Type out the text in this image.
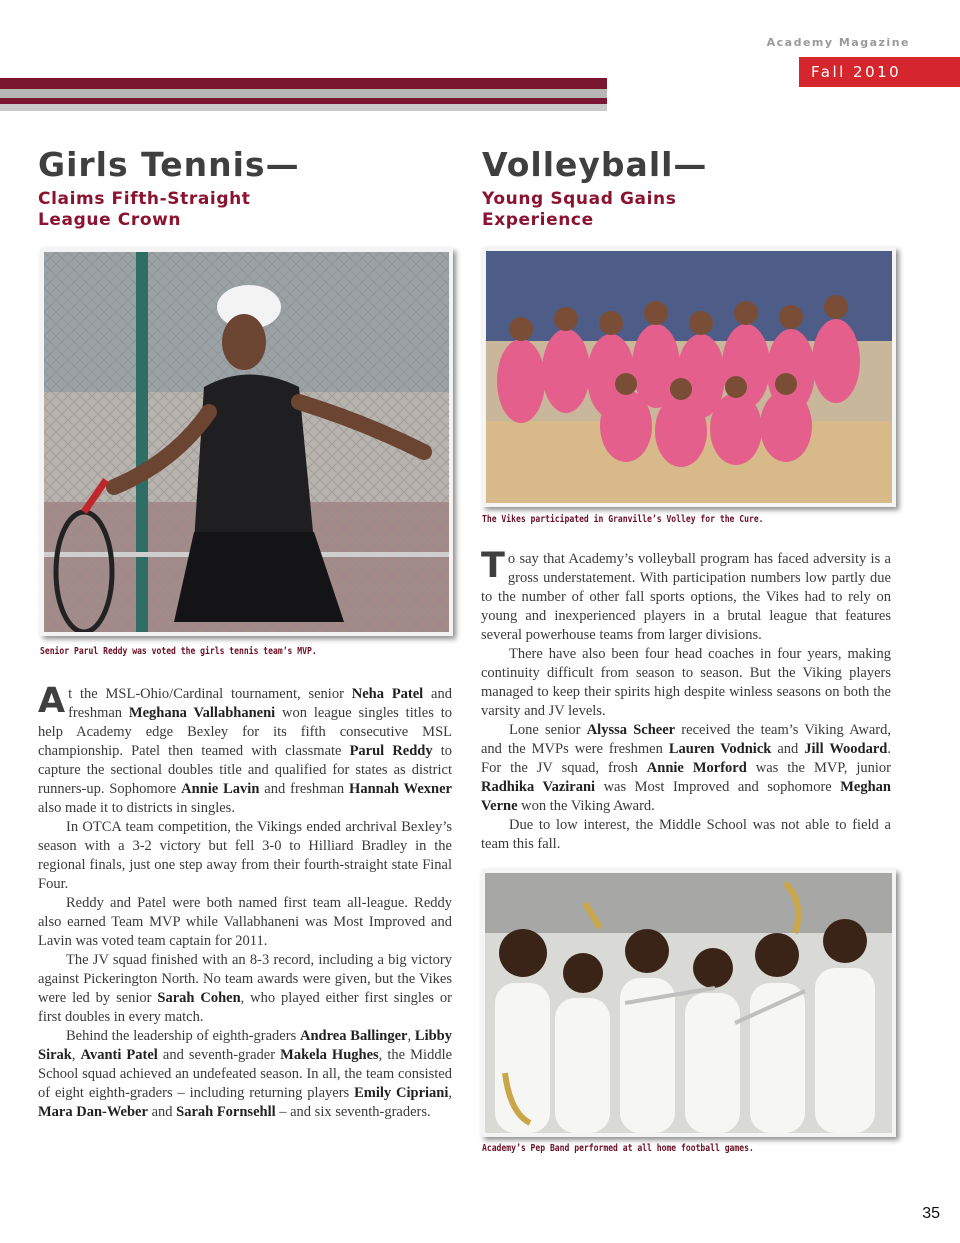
Academy Magazine
Fall 2010
Girls Tennis—
Claims Fifth-Straight
League Crown
Volleyball—
Young Squad Gains
Experience
Senior Parul Reddy was voted the girls tennis team’s MVP.
The Vikes participated in Granville’s Volley for the Cure.
A t the MSL-Ohio/Cardinal tournament, senior Neha Patel and freshman Meghana Vallabhaneni won league singles titles to help Academy edge Bexley for its fifth consecutive MSL championship. Patel then teamed with classmate Parul Reddy to capture the sectional doubles title and qualified for states as district runners-up. Sophomore Annie Lavin and freshman Hannah Wexner also made it to districts in singles.

In OTCA team competition, the Vikings ended archrival Bexley’s season with a 3-2 victory but fell 3-0 to Hilliard Bradley in the regional finals, just one step away from their fourth-straight state Final Four.

Reddy and Patel were both named first team all-league. Reddy also earned Team MVP while Vallabhaneni was Most Improved and Lavin was voted team captain for 2011.

The JV squad finished with an 8-3 record, including a big victory against Pickerington North. No team awards were given, but the Vikes were led by senior Sarah Cohen, who played either first singles or first doubles in every match.

Behind the leadership of eighth-graders Andrea Ballinger, Libby Sirak, Avanti Patel and seventh-grader Makela Hughes, the Middle School squad achieved an undefeated season. In all, the team consisted of eight eighth-graders – including returning players Emily Cipriani, Mara Dan-Weber and Sarah Fornsehll – and six seventh-graders.

T o say that Academy’s volleyball program has faced adversity is a gross understatement. With participation numbers low partly due to the number of other fall sports options, the Vikes had to rely on young and inexperienced players in a brutal league that features several powerhouse teams from larger divisions.

There have also been four head coaches in four years, making continuity difficult from season to season. But the Viking players managed to keep their spirits high despite winless seasons on both the varsity and JV levels.

Lone senior Alyssa Scheer received the team’s Viking Award, and the MVPs were freshmen Lauren Vodnick and Jill Woodard. For the JV squad, frosh Annie Morford was the MVP, junior Radhika Vazirani was Most Improved and sophomore Meghan Verne won the Viking Award.

Due to low interest, the Middle School was not able to field a team this fall.

Academy’s Pep Band performed at all home football games.
35
